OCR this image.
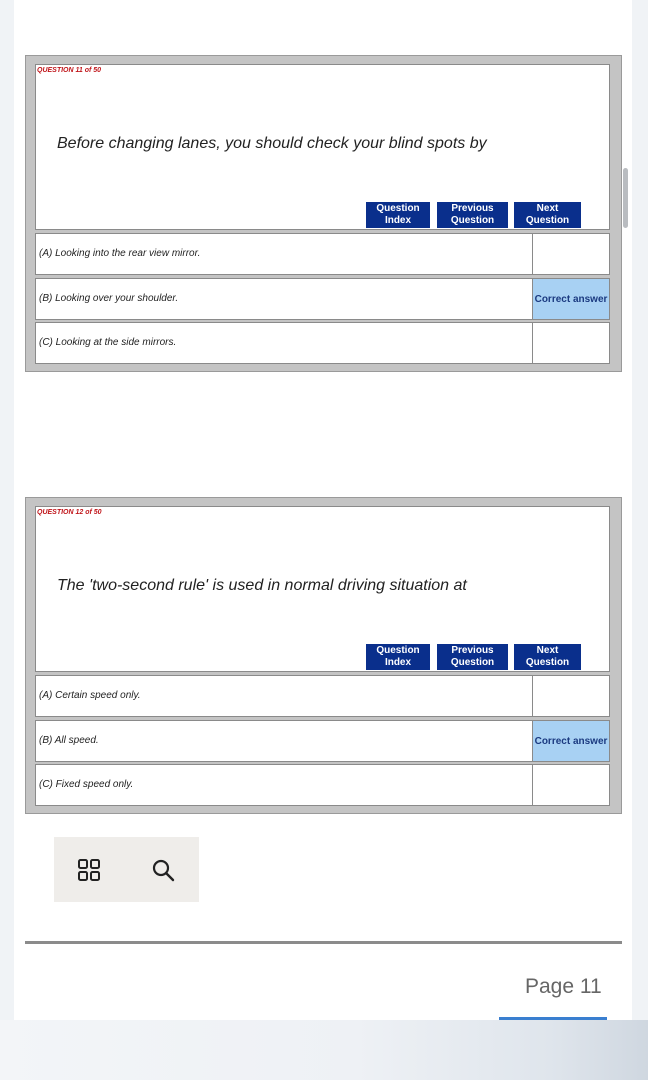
QUESTION 11 of 50
Before changing lanes, you should check your blind spots by
Question Index
Previous Question
Next Question
(A) Looking into the rear view mirror.
(B) Looking over your shoulder.	Correct answer
(C) Looking at the side mirrors.
QUESTION 12 of 50
The 'two-second rule' is used in normal driving situation at
Question Index
Previous Question
Next Question
(A) Certain speed only.
(B) All speed.	Correct answer
(C) Fixed speed only.
Page 11
